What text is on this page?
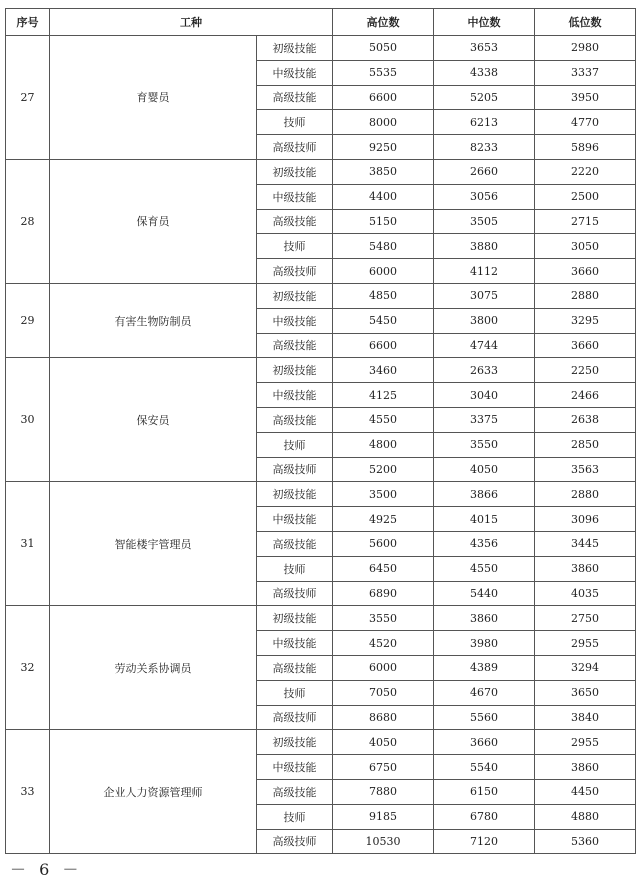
序号	工种		高位数	中位数	低位数
27	育婴员	初级技能	5050	3653	2980
		中级技能	5535	4338	3337
		高级技能	6600	5205	3950
		技师	8000	6213	4770
		高级技师	9250	8233	5896
28	保育员	初级技能	3850	2660	2220
		中级技能	4400	3056	2500
		高级技能	5150	3505	2715
		技师	5480	3880	3050
		高级技师	6000	4112	3660
29	有害生物防制员	初级技能	4850	3075	2880
		中级技能	5450	3800	3295
		高级技能	6600	4744	3660
30	保安员	初级技能	3460	2633	2250
		中级技能	4125	3040	2466
		高级技能	4550	3375	2638
		技师	4800	3550	2850
		高级技师	5200	4050	3563
31	智能楼宇管理员	初级技能	3500	3866	2880
		中级技能	4925	4015	3096
		高级技能	5600	4356	3445
		技师	6450	4550	3860
		高级技师	6890	5440	4035
32	劳动关系协调员	初级技能	3550	3860	2750
		中级技能	4520	3980	2955
		高级技能	6000	4389	3294
		技师	7050	4670	3650
		高级技师	8680	5560	3840
33	企业人力资源管理师	初级技能	4050	3660	2955
		中级技能	6750	5540	3860
		高级技能	7880	6150	4450
		技师	9185	6780	4880
		高级技师	10530	7120	5360
－ 6 －
